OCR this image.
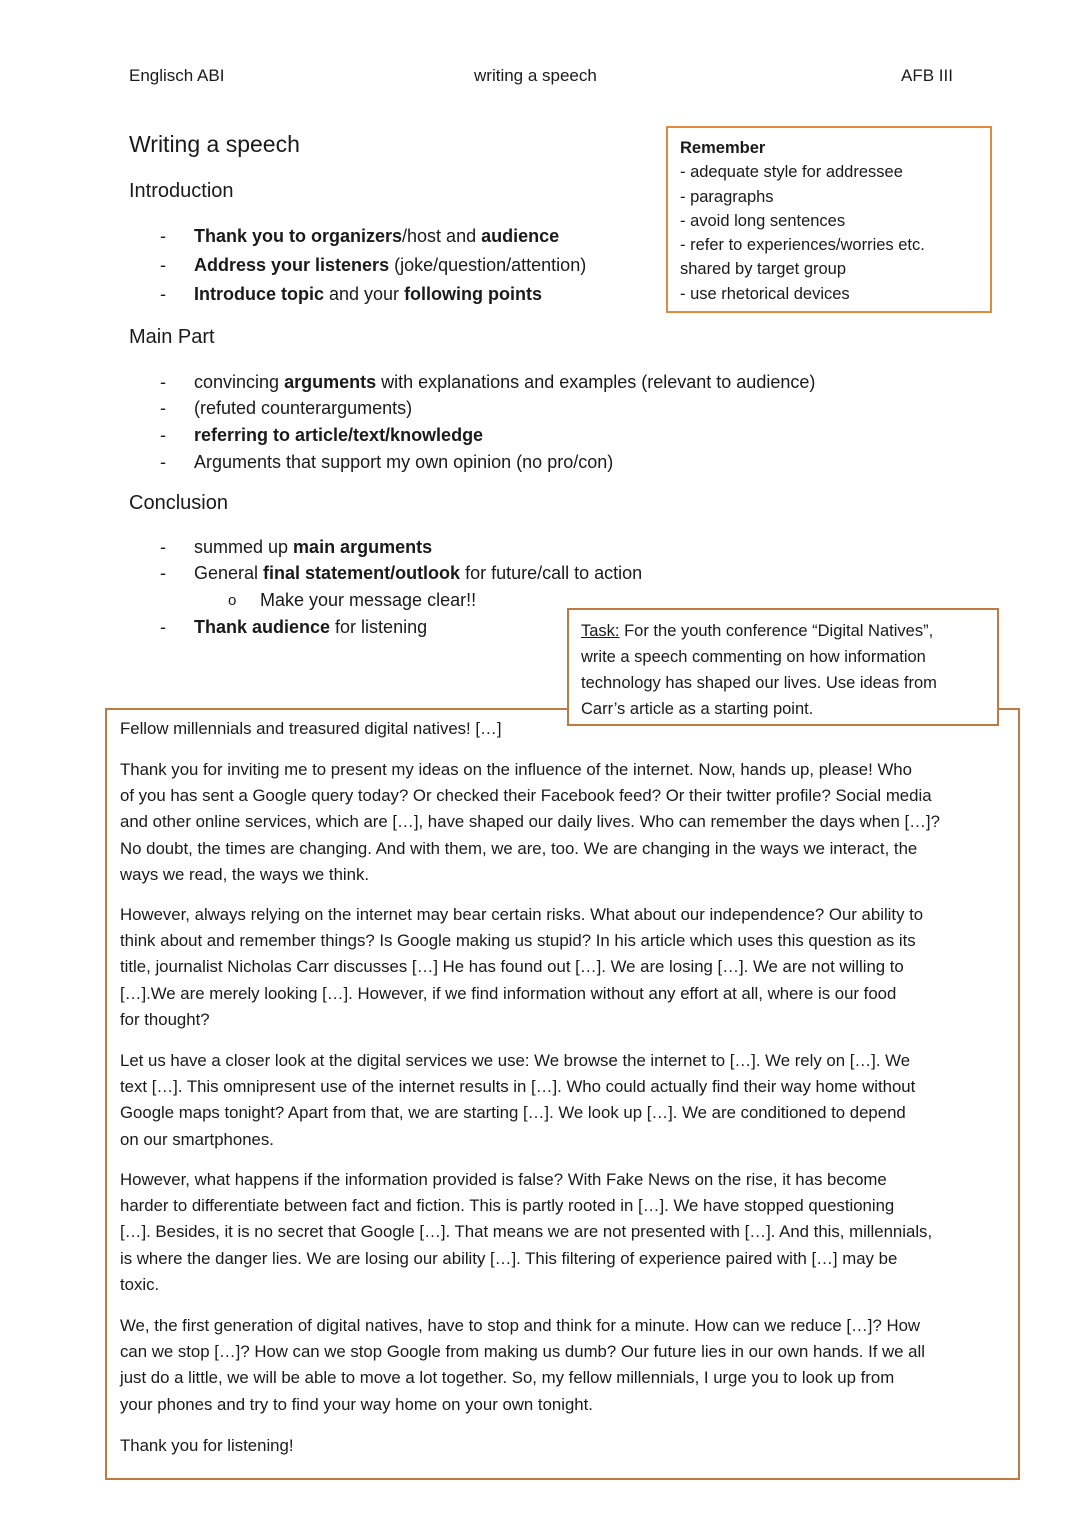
Englisch ABI	writing a speech	AFB III
Writing a speech
Introduction
- Thank you to organizers/host and audience
- Address your listeners (joke/question/attention)
- Introduce topic and your following points
Remember
- adequate style for addressee
- paragraphs
- avoid long sentences
- refer to experiences/worries etc.
shared by target group
- use rhetorical devices
Main Part
- convincing arguments with explanations and examples (relevant to audience)
- (refuted counterarguments)
- referring to article/text/knowledge
- Arguments that support my own opinion (no pro/con)
Conclusion
- summed up main arguments
- General final statement/outlook for future/call to action
o Make your message clear!!
- Thank audience for listening	Task: For the youth conference “Digital Natives”,
write a speech commenting on how information
technology has shaped our lives. Use ideas from
Carr’s article as a starting point.
Fellow millennials and treasured digital natives! […]
Thank you for inviting me to present my ideas on the influence of the internet. Now, hands up, please! Who
of you has sent a Google query today? Or checked their Facebook feed? Or their twitter profile? Social media
and other online services, which are […], have shaped our daily lives. Who can remember the days when […]?
No doubt, the times are changing. And with them, we are, too. We are changing in the ways we interact, the
ways we read, the ways we think.
However, always relying on the internet may bear certain risks. What about our independence? Our ability to
think about and remember things? Is Google making us stupid? In his article which uses this question as its
title, journalist Nicholas Carr discusses […] He has found out […]. We are losing […]. We are not willing to
[…].We are merely looking […]. However, if we find information without any effort at all, where is our food
for thought?
Let us have a closer look at the digital services we use: We browse the internet to […]. We rely on […]. We
text […]. This omnipresent use of the internet results in […]. Who could actually find their way home without
Google maps tonight? Apart from that, we are starting […]. We look up […]. We are conditioned to depend
on our smartphones.
However, what happens if the information provided is false? With Fake News on the rise, it has become
harder to differentiate between fact and fiction. This is partly rooted in […]. We have stopped questioning
[…]. Besides, it is no secret that Google […]. That means we are not presented with […]. And this, millennials,
is where the danger lies. We are losing our ability […]. This filtering of experience paired with […] may be
toxic.
We, the first generation of digital natives, have to stop and think for a minute. How can we reduce […]? How
can we stop […]? How can we stop Google from making us dumb? Our future lies in our own hands. If we all
just do a little, we will be able to move a lot together. So, my fellow millennials, I urge you to look up from
your phones and try to find your way home on your own tonight.
Thank you for listening!
